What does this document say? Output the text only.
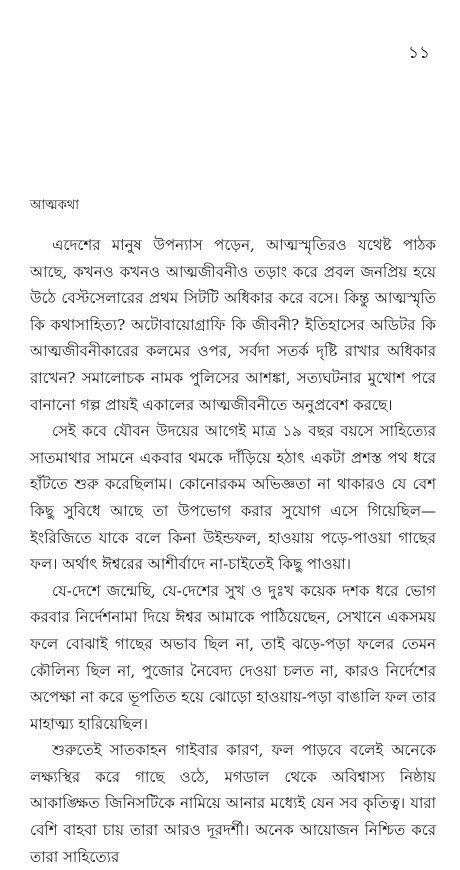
১১
আত্মকথা

এদেশের মানুষ উপন্যাস পড়েন, আত্মস্মৃতিরও যথেষ্ট পাঠক আছে, কখনও কখনও আত্মজীবনীও তড়াং করে প্রবল জনপ্রিয় হয়ে উঠে বেস্টসেলারের প্রথম সিটটি অধিকার করে বসে। কিন্তু আত্মস্মৃতি কি কথাসাহিত্য? অটোবায়োগ্রাফি কি জীবনী? ইতিহাসের অডিটর কি আত্মজীবনীকারের কলমের ওপর, সর্বদা সতর্ক দৃষ্টি রাখার অধিকার রাখেন? সমালোচক নামক পুলিসের আশঙ্কা, সত্যঘটনার মুখোশ পরে বানানো গল্প প্রায়ই একালের আত্মজীবনীতে অনুপ্রবেশ করছে।

সেই কবে যৌবন উদয়ের আগেই মাত্র ১৯ বছর বয়সে সাহিত্যের সাতমাথার সামনে একবার থমকে দাঁড়িয়ে হঠাৎ একটা প্রশস্ত পথ ধরে হাঁটতে শুরু করেছিলাম। কোনোরকম অভিজ্ঞতা না থাকারও যে বেশ কিছু সুবিধে আছে তা উপভোগ করার সুযোগ এসে গিয়েছিল—ইংরিজিতে যাকে বলে কিনা উইন্ডফল, হাওয়ায় পড়ে-পাওয়া গাছের ফল। অর্থাৎ ঈশ্বরের আশীর্বাদে না-চাইতেই কিছু পাওয়া।

যে-দেশে জন্মেছি, যে-দেশের সুখ ও দুঃখ কয়েক দশক ধরে ভোগ করবার নির্দেশনামা দিয়ে ঈশ্বর আমাকে পাঠিয়েছেন, সেখানে একসময় ফলে বোঝাই গাছের অভাব ছিল না, তাই ঝড়ে-পড়া ফলের তেমন কৌলিন্য ছিল না, পুজোর নৈবেদ্য দেওয়া চলত না, কারও নির্দেশের অপেক্ষা না করে ভূপতিত হয়ে ঝোড়ো হাওয়ায়-পড়া বাঙালি ফল তার মাহাত্ম্য হারিয়েছিল।

শুরুতেই সাতকাহন গাইবার কারণ, ফল পাড়বে বলেই অনেকে লক্ষ্যস্থির করে গাছে ওঠে, মগডাল থেকে অবিশ্বাস্য নিষ্ঠায় আকাঙ্ক্ষিত জিনিসটিকে নামিয়ে আনার মধ্যেই যেন সব কৃতিত্ব। যারা বেশি বাহবা চায় তারা আরও দূরদর্শী। অনেক আয়োজন নিশ্চিত করে তারা সাহিত্যের
